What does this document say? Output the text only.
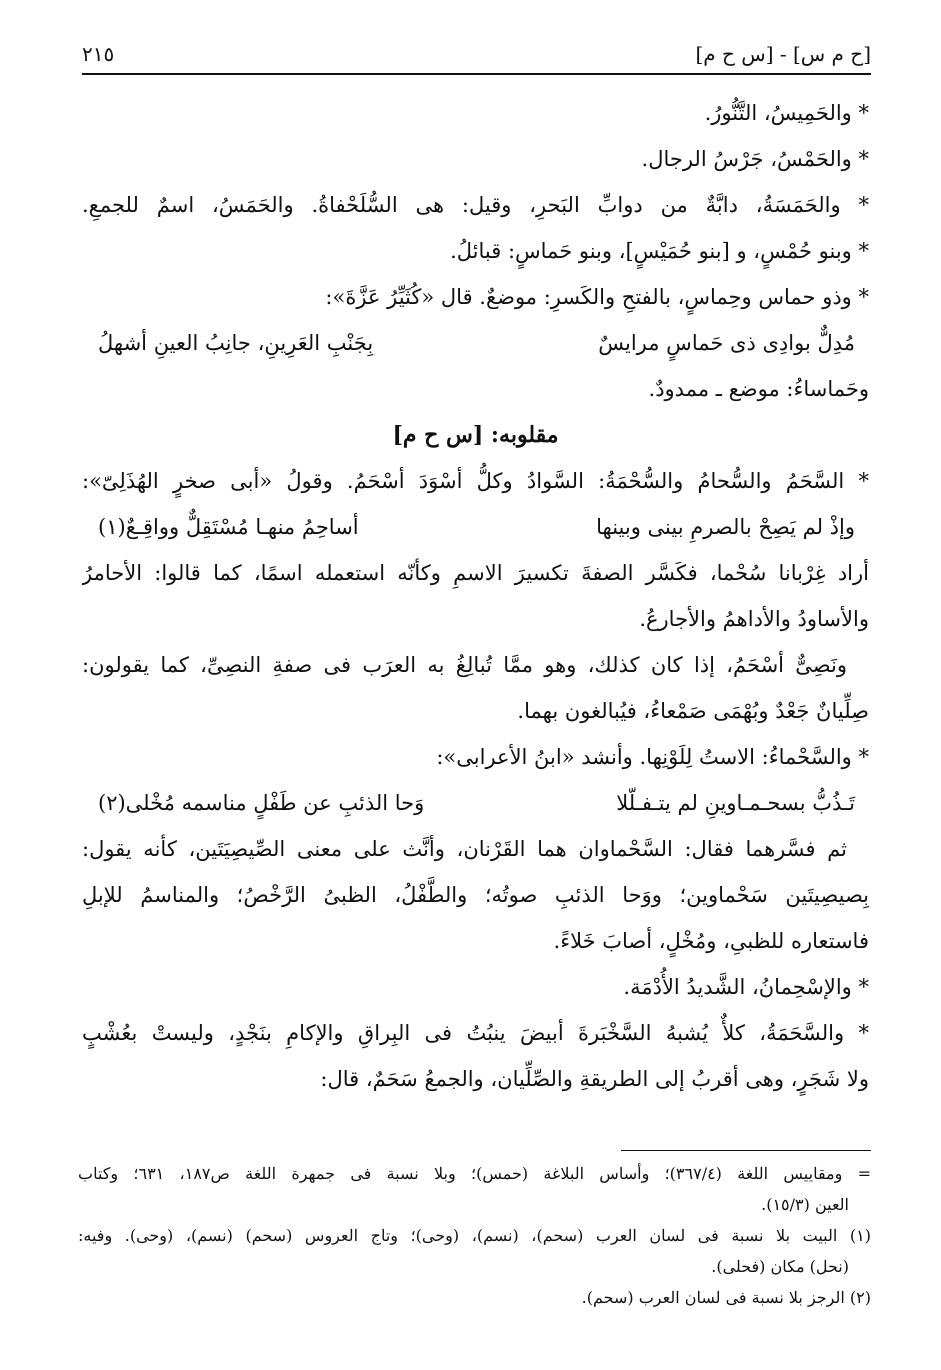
[ح م س] - [س ح م]
٢١٥
* والحَمِيسُ، التَّنُّورُ.
* والحَمْسُ، جَرْسُ الرجال.
* والحَمَسَةُ، دابَّةٌ من دوابِّ البَحرِ، وقيل: هى السُّلَحْفاةُ. والحَمَسُ، اسمٌ للجمعِ.
* وبنو حُمْسٍ، و [بنو حُمَيْسٍ]، وبنو حَماسٍ: قبائلُ.
* وذو حماس وحِماسٍ، بالفتحِ والكَسرِ: موضعٌ. قال «كُثَيِّرُ عَزَّةَ»:
مُدِلٌّ بوادِى ذى حَماسٍ مرايسٌ
بِجَنْبِ العَرِينِ، جانِبُ العينِ أشهلُ
وحَماساءُ: موضع ـ ممدودٌ.
مقلوبه: [س ح م]
* السَّحَمُ والسُّحامُ والسُّحْمَةُ: السَّوادُ وكلُّ أسْوَدَ أسْحَمُ. وقولُ «أبى صخرٍ الهُذَلِىّ»:
وإذْ لم يَصِحْ بالصرمِ بينى وبينها
أساحِمُ منهـا مُسْتَقِلٌّ وواقِـعٌ(١)
أراد غِرْبانا سُحْما، فكَسَّر الصفةَ تكسيرَ الاسمِ وكأنّه استعمله اسمًا، كما قالوا: الأحامرُ
والأساودُ والأداهمُ والأجارعُ.
ونَصِىٌّ أسْحَمُ، إذا كان كذلك، وهو ممَّا تُبالِغُ به العرَب فى صفةِ النصِىِّ، كما يقولون:
صِلِّيانٌ جَعْدٌ وبُهْمَى صَمْعاءُ، فيُبالغون بهما.
* والسَّحْماءُ: الاستُ لِلَوْنِها. وأنشد «ابنُ الأعرابى»:
تَـذُبُّ بسحـمـاوينِ لم يتـفـلّلا
وَحا الذئبِ عن طَفْلٍ مناسمه مُخْلى(٢)
ثم فسَّرهما فقال: السَّحْماوان هما القَرْنان، وأنَّث على معنى الصِّيصِيَتَين، كأنه يقول:
بِصيصِيتَين سَحْماوين؛ ووَحا الذئبِ صوتُه؛ والطَّفْلُ، الظبىُ الرَّخْصُ؛ والمناسمُ للإبلِ
فاستعاره للظبىِ، ومُخْلٍ، أصابَ خَلاءً.
* والإسْحِمانُ، الشَّديدُ الأُدْمَة.
* والسَّحَمَةُ، كلأٌ يُشبهُ السَّخْبَرةَ أبيضَ ينبُتُ فى البِراقِ والإكامِ بنَجْدٍ، وليستْ بعُشْبٍ
ولا شَجَرٍ، وهى أقربُ إلى الطريقةِ والصِّلِّيان، والجمعُ سَحَمٌ، قال:
= ومقاييس اللغة (٣٦٧/٤)؛ وأساس البلاغة (حمس)؛ وبلا نسبة فى جمهرة اللغة ص١٨٧، ٦٣١؛ وكتاب
العين (١٥/٣).
(١) البيت بلا نسبة فى لسان العرب (سحم)، (نسم)، (وحى)؛ وتاج العروس (سحم) (نسم)، (وحى). وفيه:
(نحل) مكان (فحلى).
(٢) الرجز بلا نسبة فى لسان العرب (سحم).
